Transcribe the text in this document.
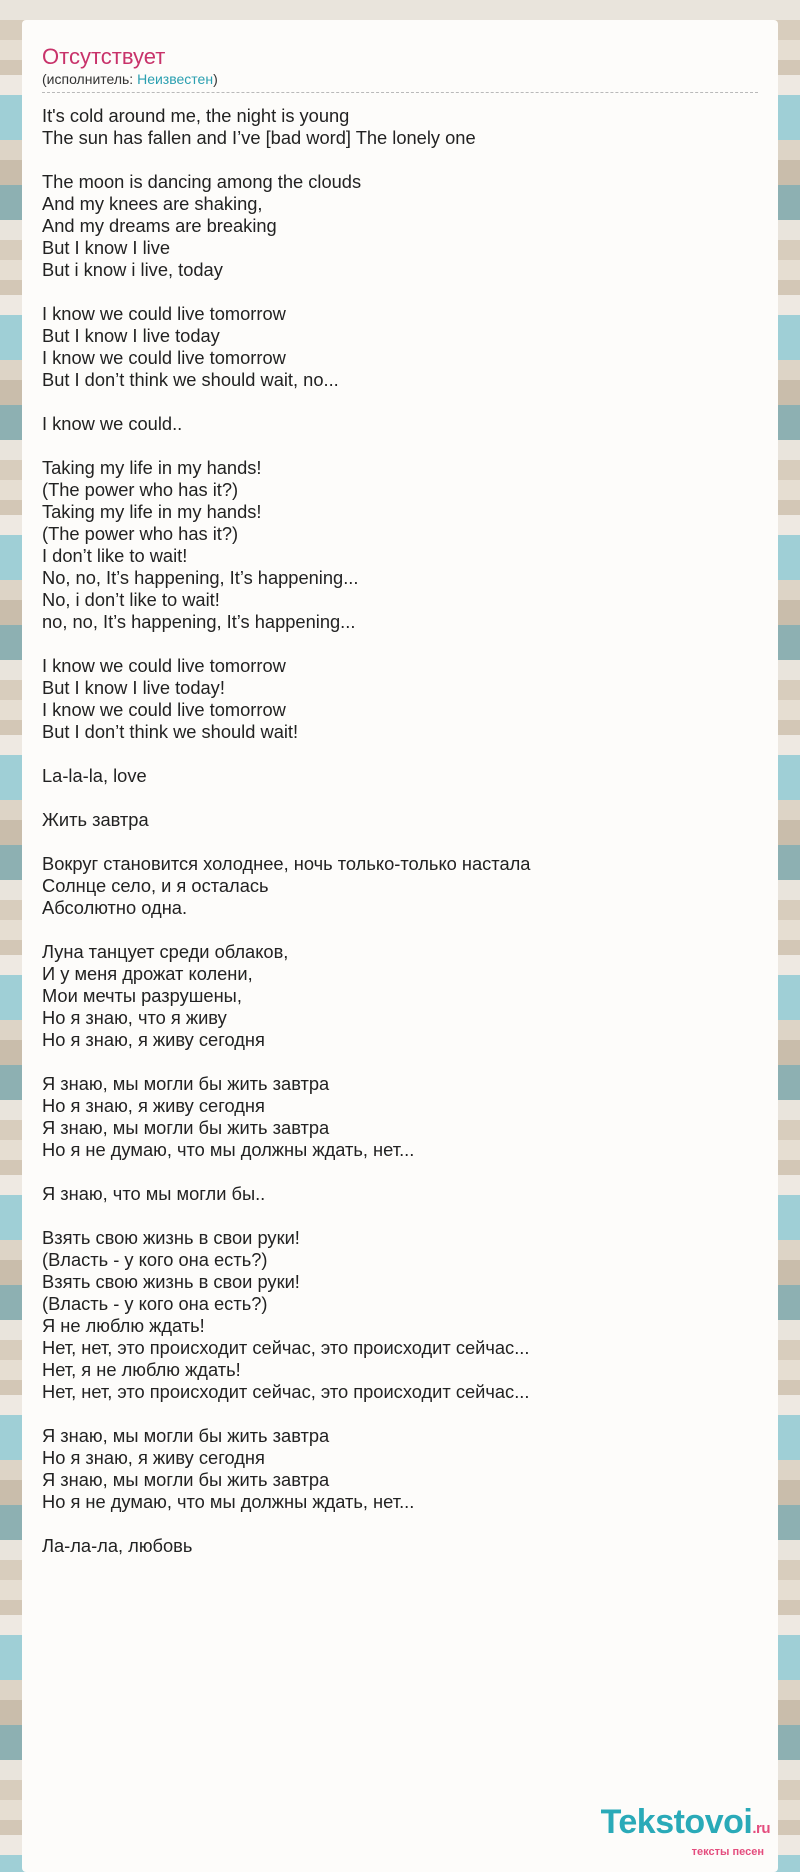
Отсутствует
(исполнитель: Неизвестен)
It's cold around me, the night is young
The sun has fallen and I’ve [bad word] The lonely one
The moon is dancing among the clouds
And my knees are shaking,
And my dreams are breaking
But I know I live
But i know i live, today
I know we could live tomorrow
But I know I live today
I know we could live tomorrow
But I don’t think we should wait, no...
I know we could..
Taking my life in my hands!
(The power who has it?)
Taking my life in my hands!
(The power who has it?)
I don’t like to wait!
No, no, It’s happening, It’s happening...
No, i don’t like to wait!
no, no, It’s happening, It’s happening...
I know we could live tomorrow
But I know I live today!
I know we could live tomorrow
But I don’t think we should wait!
La-la-la, love
Жить завтра
Вокруг становится холоднее, ночь только-только настала
Солнце село, и я осталась
Абсолютно одна.
Луна танцует среди облаков,
И у меня дрожат колени,
Мои мечты разрушены,
Но я знаю, что я живу
Но я знаю, я живу сегодня
Я знаю, мы могли бы жить завтра
Но я знаю, я живу сегодня
Я знаю, мы могли бы жить завтра
Но я не думаю, что мы должны ждать, нет...
Я знаю, что мы могли бы..
Взять свою жизнь в свои руки!
(Власть - у кого она есть?)
Взять свою жизнь в свои руки!
(Власть - у кого она есть?)
Я не люблю ждать!
Нет, нет, это происходит сейчас, это происходит сейчас...
Нет, я не люблю ждать!
Нет, нет, это происходит сейчас, это происходит сейчас...
Я знаю, мы могли бы жить завтра
Но я знаю, я живу сегодня
Я знаю, мы могли бы жить завтра
Но я не думаю, что мы должны ждать, нет...
Ла-ла-ла, любовь
Tekstovoi.ru
тексты песен
